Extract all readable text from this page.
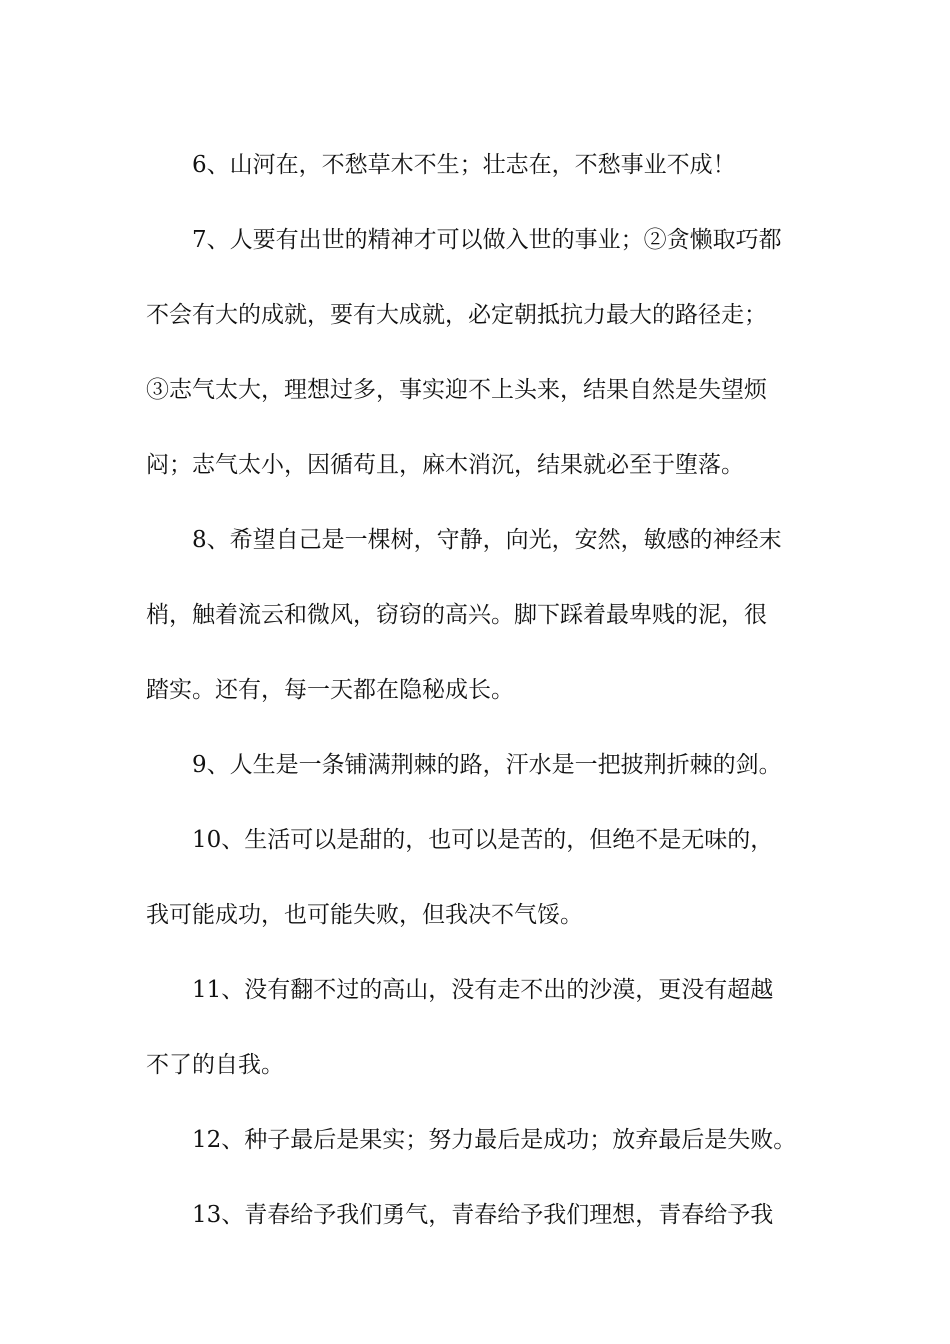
6、山河在，不愁草木不生；壮志在，不愁事业不成！
7、人要有出世的精神才可以做入世的事业；②贪懒取巧都
不会有大的成就，要有大成就，必定朝抵抗力最大的路径走；
③志气太大，理想过多，事实迎不上头来，结果自然是失望烦
闷；志气太小，因循苟且，麻木消沉，结果就必至于堕落。
8、希望自己是一棵树，守静，向光，安然，敏感的神经末
梢，触着流云和微风，窃窃的高兴。脚下踩着最卑贱的泥，很
踏实。还有，每一天都在隐秘成长。
9、人生是一条铺满荆棘的路，汗水是一把披荆折棘的剑。
10、生活可以是甜的，也可以是苦的，但绝不是无味的，
我可能成功，也可能失败，但我决不气馁。
11、没有翻不过的高山，没有走不出的沙漠，更没有超越
不了的自我。
12、种子最后是果实；努力最后是成功；放弃最后是失败。
13、青春给予我们勇气，青春给予我们理想，青春给予我
